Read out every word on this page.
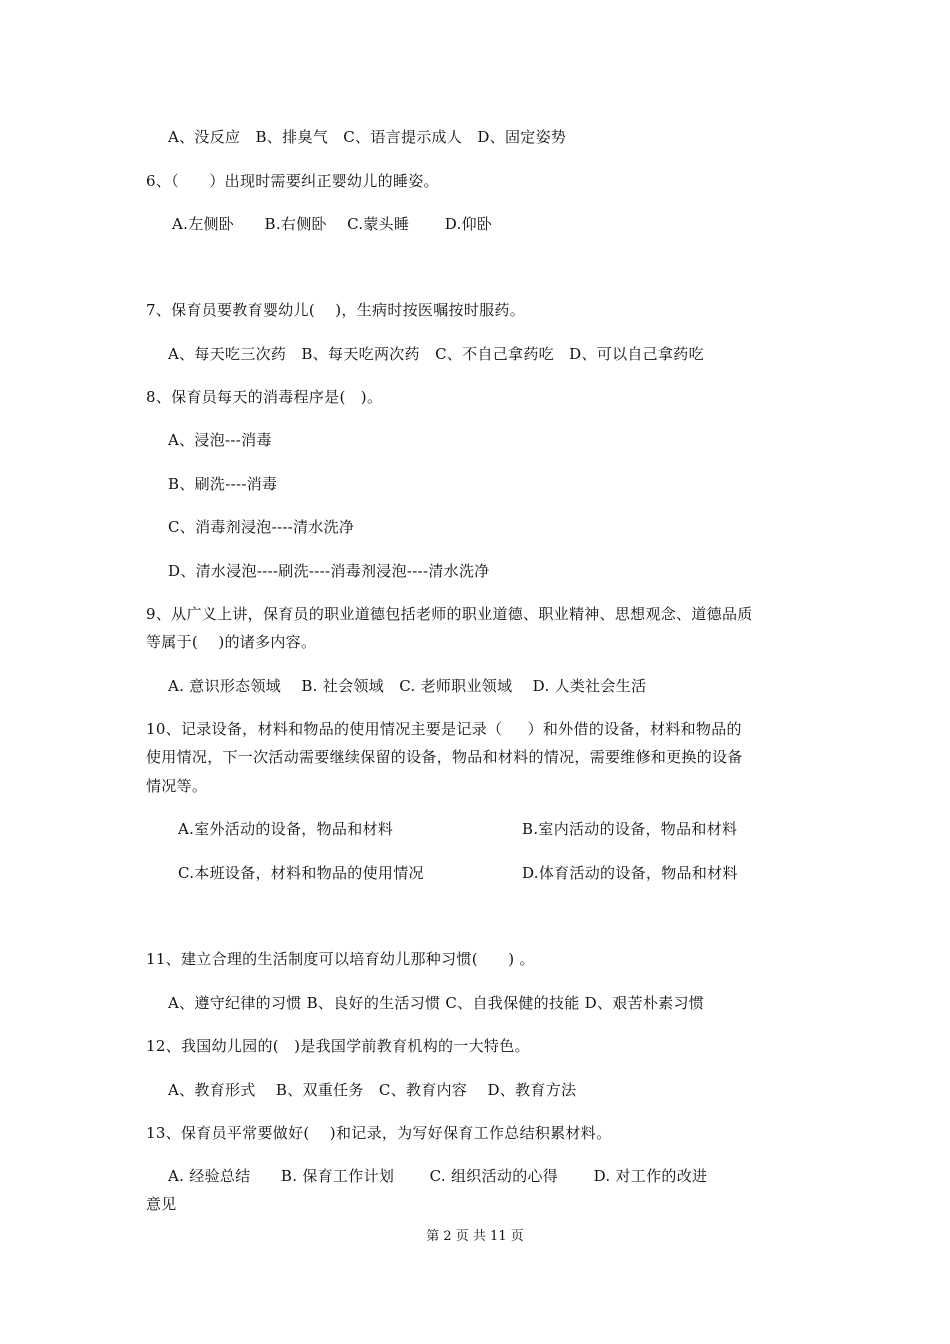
A、没反应   B、排臭气   C、语言提示成人   D、固定姿势
6、（      ）出现时需要纠正婴幼儿的睡姿。
A.左侧卧      B.右侧卧    C.蒙头睡       D.仰卧
7、保育员要教育婴幼儿(    )，生病时按医嘱按时服药。
A、每天吃三次药   B、每天吃两次药   C、不自己拿药吃   D、可以自己拿药吃
8、保育员每天的消毒程序是(   )。
A、浸泡---消毒
B、刷洗----消毒
C、消毒剂浸泡----清水洗净
D、清水浸泡----刷洗----消毒剂浸泡----清水洗净
9、从广义上讲，保育员的职业道德包括老师的职业道德、职业精神、思想观念、道德品质
等属于(    )的诸多内容。
A. 意识形态领域    B. 社会领域   C. 老师职业领域    D. 人类社会生活
10、记录设备，材料和物品的使用情况主要是记录（     ）和外借的设备，材料和物品的
使用情况，下一次活动需要继续保留的设备，物品和材料的情况，需要维修和更换的设备
情况等。
A.室外活动的设备，物品和材料	B.室内活动的设备，物品和材料
C.本班设备，材料和物品的使用情况	D.体育活动的设备，物品和材料
11、建立合理的生活制度可以培育幼儿那种习惯(      ) 。
A、遵守纪律的习惯 B、良好的生活习惯 C、自我保健的技能 D、艰苦朴素习惯
12、我国幼儿园的(   )是我国学前教育机构的一大特色。
A、教育形式    B、双重任务   C、教育内容    D、教育方法
13、保育员平常要做好(    )和记录，为写好保育工作总结积累材料。
A. 经验总结      B. 保育工作计划       C. 组织活动的心得       D. 对工作的改进
意见
第 2 页 共 11 页
